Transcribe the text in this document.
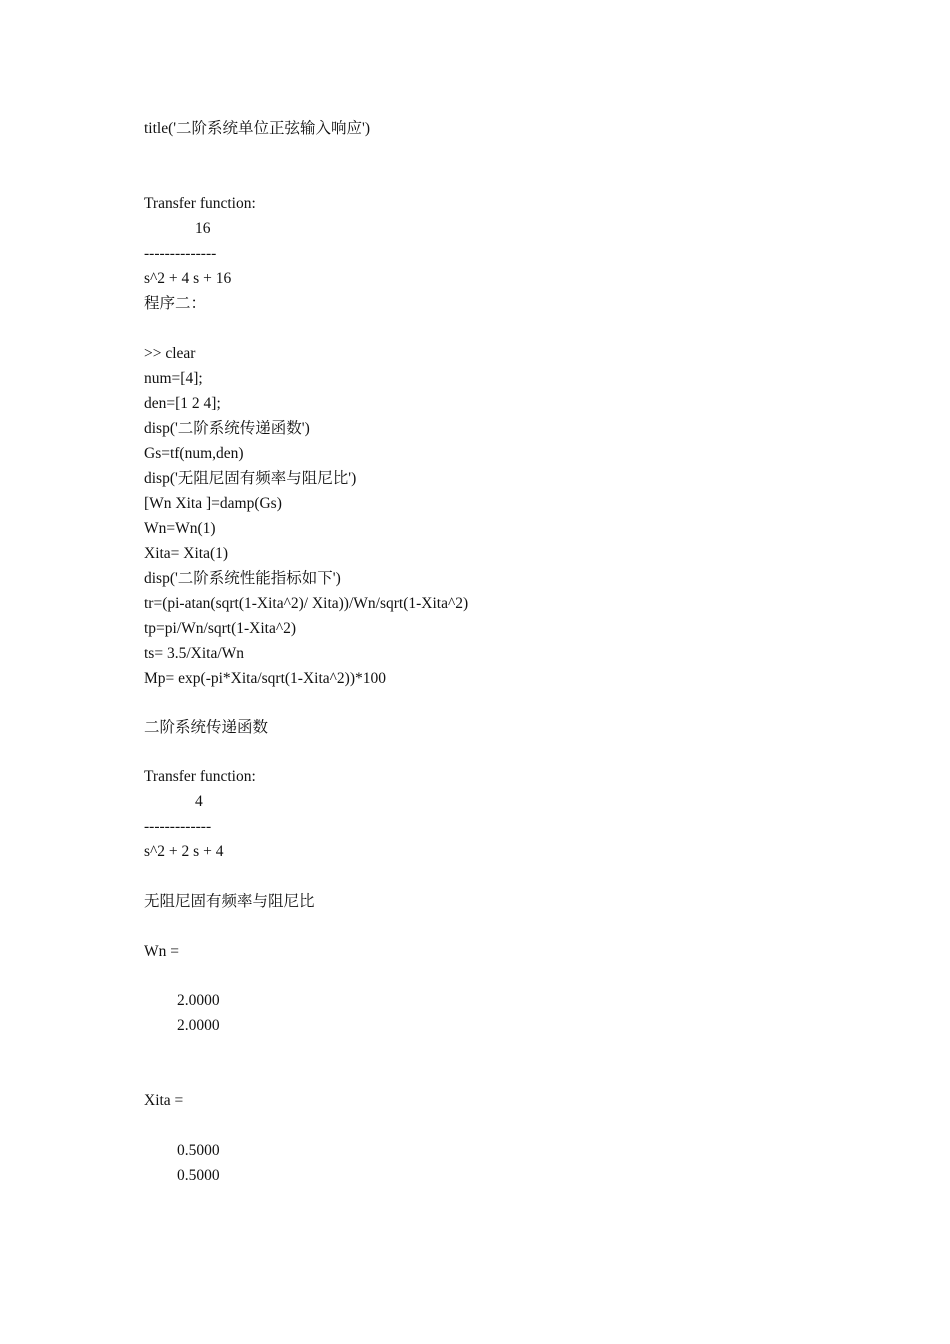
title('二阶系统单位正弦输入响应')
Transfer function:
16
--------------
s^2 + 4 s + 16
程序二：
>> clear
num=[4];
den=[1 2 4];
disp('二阶系统传递函数')
Gs=tf(num,den)
disp('无阻尼固有频率与阻尼比')
[Wn Xita ]=damp(Gs)
Wn=Wn(1)
Xita= Xita(1)
disp('二阶系统性能指标如下')
tr=(pi-atan(sqrt(1-Xita^2)/ Xita))/Wn/sqrt(1-Xita^2)
tp=pi/Wn/sqrt(1-Xita^2)
ts= 3.5/Xita/Wn
Mp= exp(-pi*Xita/sqrt(1-Xita^2))*100
二阶系统传递函数
Transfer function:
4
-------------
s^2 + 2 s + 4
无阻尼固有频率与阻尼比
Wn =
2.0000
2.0000
Xita =
0.5000
0.5000
